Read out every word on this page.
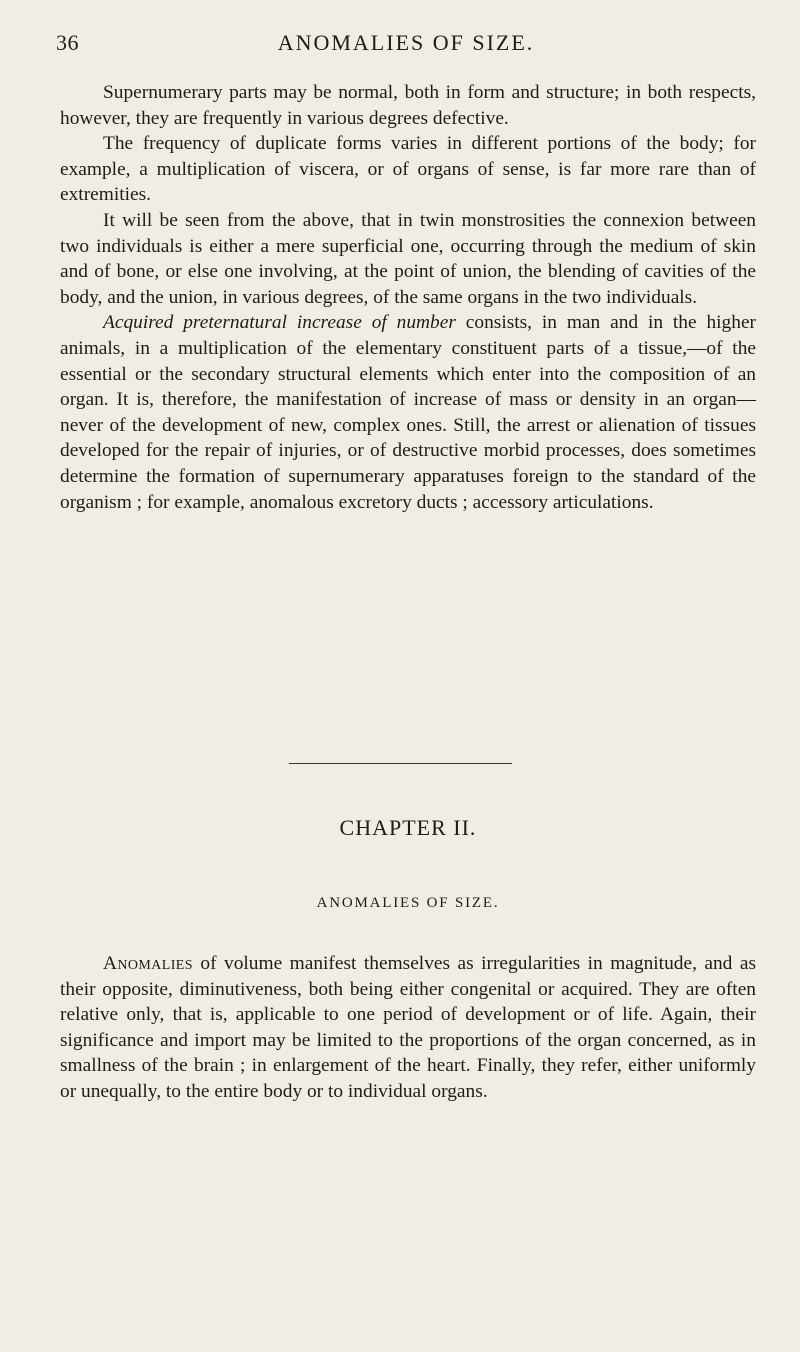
36	ANOMALIES OF SIZE.

Supernumerary parts may be normal, both in form and structure; in both respects, however, they are frequently in various degrees defective.

The frequency of duplicate forms varies in different portions of the body; for example, a multiplication of viscera, or of organs of sense, is far more rare than of extremities.

It will be seen from the above, that in twin monstrosities the connexion between two individuals is either a mere superficial one, occurring through the medium of skin and of bone, or else one involving, at the point of union, the blending of cavities of the body, and the union, in various degrees, of the same organs in the two individuals.

Acquired preternatural increase of number consists, in man and in the higher animals, in a multiplication of the elementary constituent parts of a tissue,—of the essential or the secondary structural elements which enter into the composition of an organ. It is, therefore, the manifestation of increase of mass or density in an organ—never of the development of new, complex ones. Still, the arrest or alienation of tissues developed for the repair of injuries, or of destructive morbid processes, does sometimes determine the formation of supernumerary apparatuses foreign to the standard of the organism ; for example, anomalous excretory ducts ; accessory articulations.

CHAPTER II.
ANOMALIES OF SIZE.

Anomalies of volume manifest themselves as irregularities in magnitude, and as their opposite, diminutiveness, both being either congenital or acquired. They are often relative only, that is, applicable to one period of development or of life. Again, their significance and import may be limited to the proportions of the organ concerned, as in smallness of the brain ; in enlargement of the heart. Finally, they refer, either uniformly or unequally, to the entire body or to individual organs.
